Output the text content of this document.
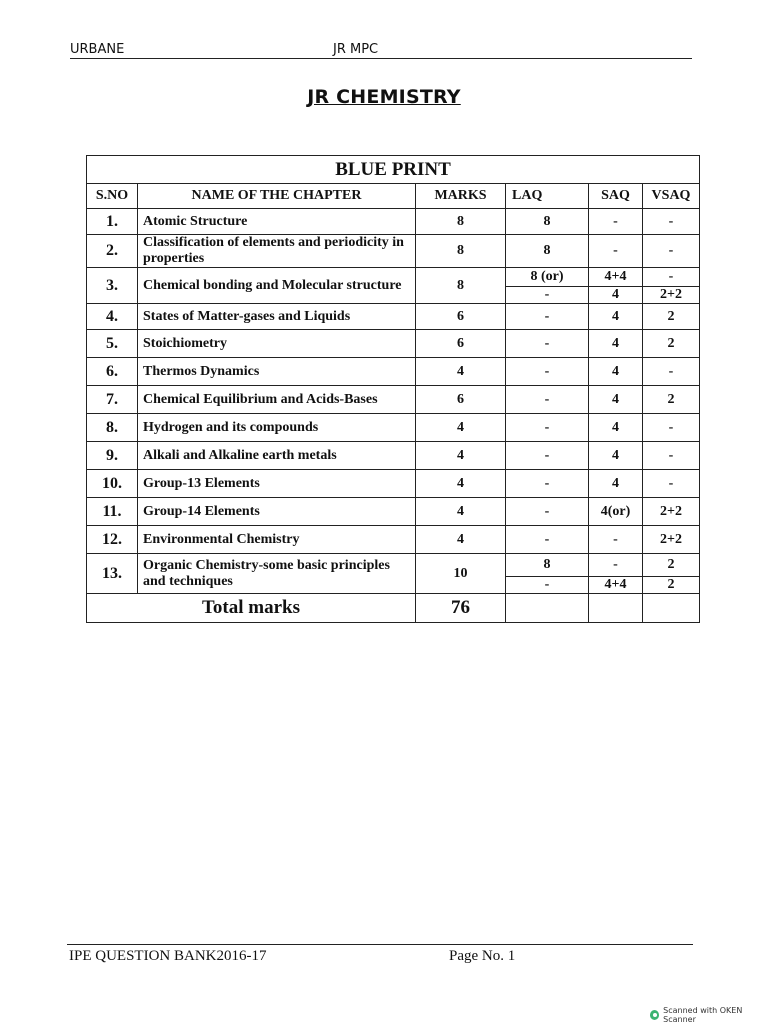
URBANE	JR MPC
JR CHEMISTRY
BLUE PRINT					
S.NO	NAME OF THE CHAPTER	MARKS	LAQ	SAQ	VSAQ
1.	Atomic Structure	8	8	-	-
2.	Classification of elements and periodicity in properties	8	8	-	-
3.	Chemical bonding and Molecular structure	8	8 (or)	4+4	-
			-	4	2+2
4.	States of Matter-gases and Liquids	6	-	4	2
5.	Stoichiometry	6	-	4	2
6.	Thermos Dynamics	4	-	4	-
7.	Chemical Equilibrium and Acids-Bases	6	-	4	2
8.	Hydrogen and its compounds	4	-	4	-
9.	Alkali and Alkaline earth metals	4	-	4	-
10.	Group-13 Elements	4	-	4	-
11.	Group-14 Elements	4	-	4(or)	2+2
12.	Environmental Chemistry	4	-	-	2+2
13.	Organic Chemistry-some basic principles and techniques	10	8	-	2
			-	4+4	2
Total marks		76			
IPE QUESTION BANK2016-17	Page No. 1
Scanned with OKEN Scanner
